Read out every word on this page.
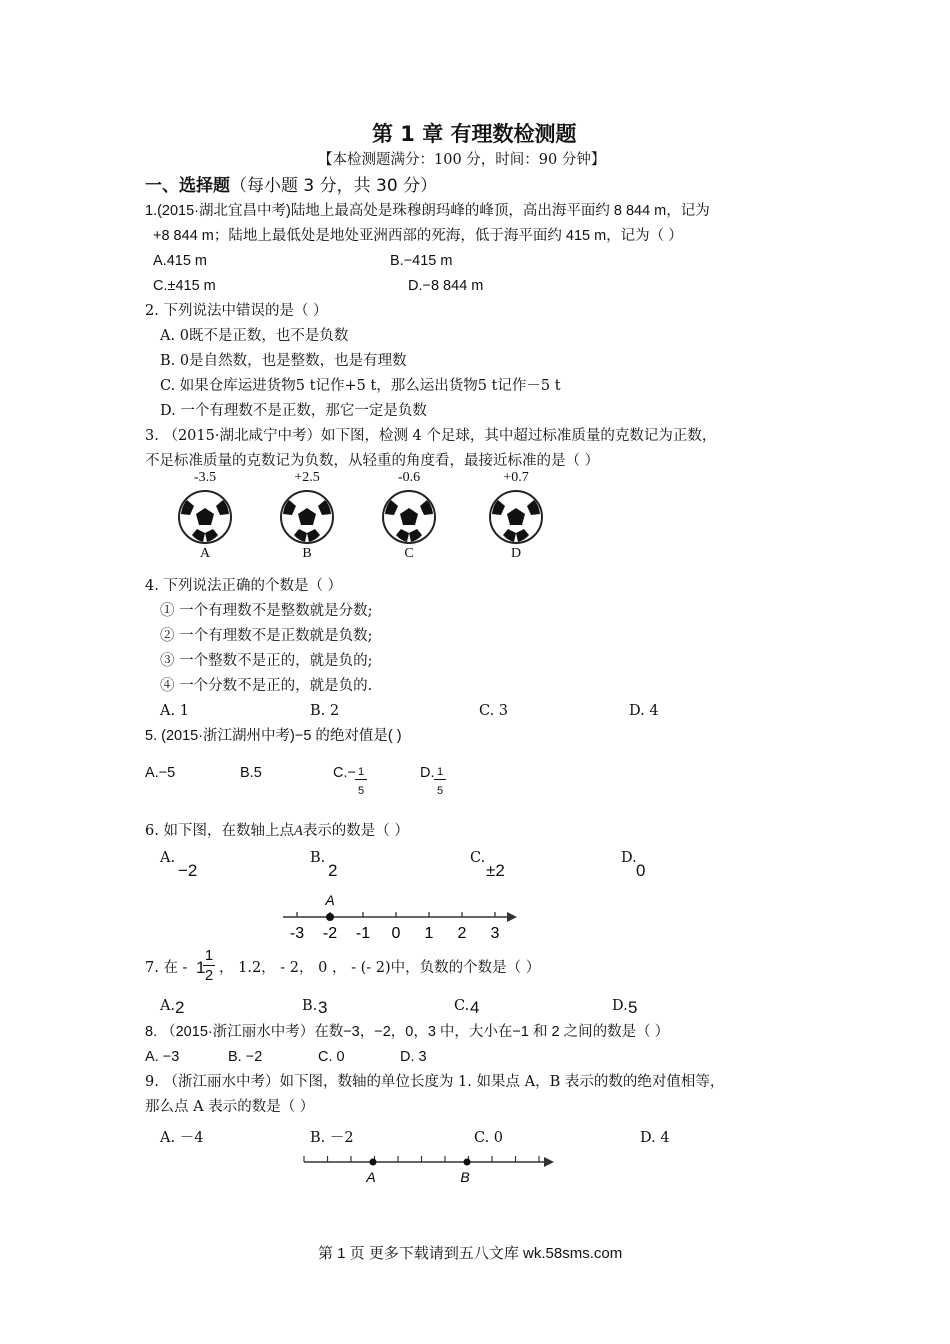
第 1 章 有理数检测题
【本检测题满分：100 分，时间：90 分钟】
一、选择题（每小题 3 分，共 30 分）
1.(2015·湖北宜昌中考)陆地上最高处是珠穆朗玛峰的峰顶，高出海平面约 8 844 m，记为
+8 844 m；陆地上最低处是地处亚洲西部的死海，低于海平面约 415 m，记为（ ）
A.415 m	B.−415 m
C.±415 m	D.−8 844 m
2. 下列说法中错误的是（ ）
A. 0既不是正数，也不是负数
B. 0是自然数，也是整数，也是有理数
C. 如果仓库运进货物5 t记作+5 t，那么运出货物5 t记作－5 t
D. 一个有理数不是正数，那它一定是负数
3. （2015·湖北咸宁中考）如下图，检测 4 个足球，其中超过标准质量的克数记为正数，
不足标准质量的克数记为负数，从轻重的角度看，最接近标准的是（ ）
-3.5
A
+2.5
B
-0.6
C
+0.7
D
4. 下列说法正确的个数是（ ）
① 一个有理数不是整数就是分数;
② 一个有理数不是正数就是负数;
③ 一个整数不是正的，就是负的;
④ 一个分数不是正的，就是负的.
A. 1	B. 2	C. 3	D. 4
5. (2015·浙江湖州中考)−5 的绝对值是( )
A.−5	B.5	$C.- \frac{1}{5}$	D. $\frac{1}{5}$
6. 如下图，在数轴上点A表示的数是（ ）
A.
−2
B.
2
C.
±2
D.
0
-3 -2 -1 0 1 2 3
A
7. 在 - 1
$\frac{1}{2}$ ， 1.2， - 2， 0 ， - (- 2)中，负数的个数是（ ）
A. 2	B. 3	C. 4	D. 5
8. （2015·浙江丽水中考）在数−3，−2，0，3 中，大小在−1 和 2 之间的数是（ ）
A. −3	B. −2	C. 0	D. 3
9. （浙江丽水中考）如下图，数轴的单位长度为 1. 如果点 A，B 表示的数的绝对值相等，
那么点 A 表示的数是（ ）
A. －4	B. －2	C. 0	D. 4
A	B
第 1 页 更多下载请到五八文库 wk.58sms.com
